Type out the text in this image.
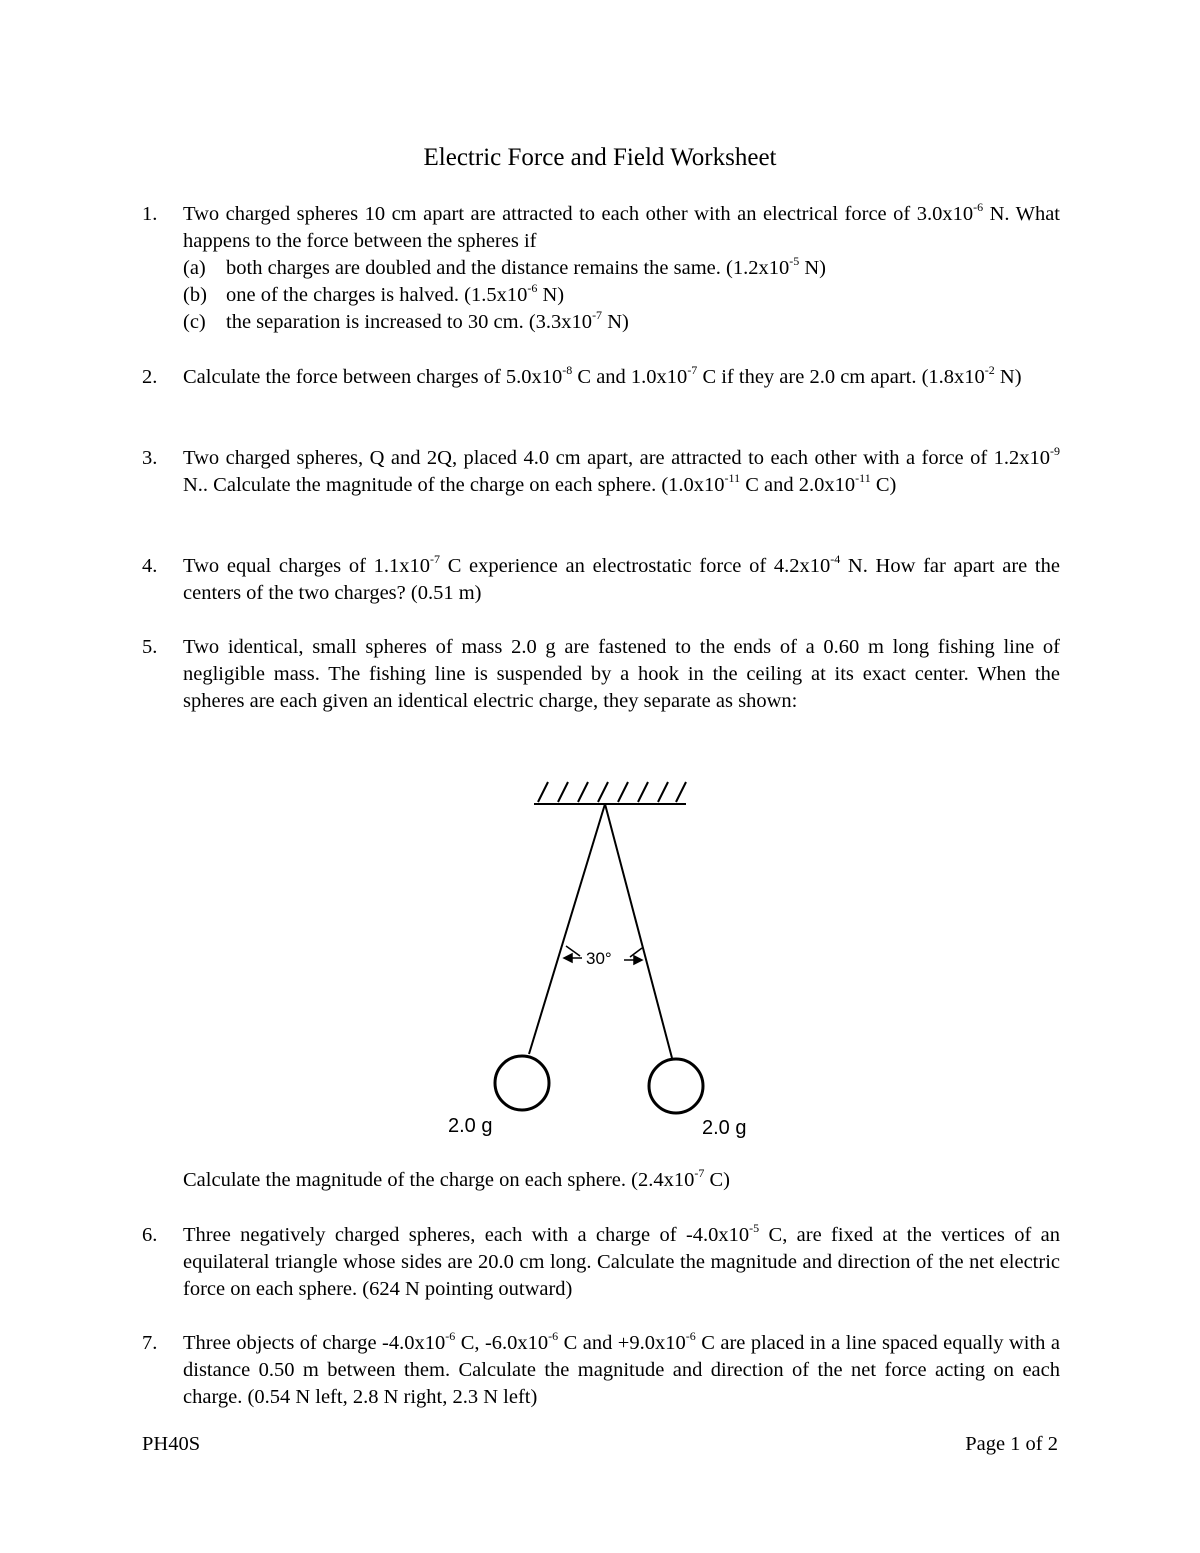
Electric Force and Field Worksheet
1. Two charged spheres 10 cm apart are attracted to each other with an electrical force of $3.0x10^{-6}$ N. What happens to the force between the spheres if
(a) both charges are doubled and the distance remains the same. ($1.2x10^{-5}$ N)
(b) one of the charges is halved. ($1.5x10^{-6}$ N)
(c) the separation is increased to 30 cm. ($3.3x10^{-7}$ N)
2. Calculate the force between charges of $5.0x10^{-8}$ C and $1.0x10^{-7}$ C if they are 2.0 cm apart. ($1.8x10^{-2}$ N)
3. Two charged spheres, Q and 2Q, placed 4.0 cm apart, are attracted to each other with a force of $1.2x10^{-9}$ N.. Calculate the magnitude of the charge on each sphere. ($1.0x10^{-11}$ C and $2.0x10^{-11}$ C)
4. Two equal charges of $1.1x10^{-7}$ C experience an electrostatic force of $4.2x10^{-4}$ N. How far apart are the centers of the two charges? (0.51 m)
5. Two identical, small spheres of mass 2.0 g are fastened to the ends of a 0.60 m long fishing line of negligible mass. The fishing line is suspended by a hook in the ceiling at its exact center. When the spheres are each given an identical electric charge, they separate as shown:
30°
2.0 g	2.0 g
Calculate the magnitude of the charge on each sphere. ($2.4x10^{-7}$ C)
6. Three negatively charged spheres, each with a charge of $-4.0x10^{-5}$ C, are fixed at the vertices of an equilateral triangle whose sides are 20.0 cm long. Calculate the magnitude and direction of the net electric force on each sphere. (624 N pointing outward)
7. Three objects of charge $-4.0x10^{-6}$ C, $-6.0x10^{-6}$ C and $+9.0x10^{-6}$ C are placed in a line spaced equally with a distance 0.50 m between them. Calculate the magnitude and direction of the net force acting on each charge. (0.54 N left, 2.8 N right, 2.3 N left)
PH40S	Page 1 of 2
